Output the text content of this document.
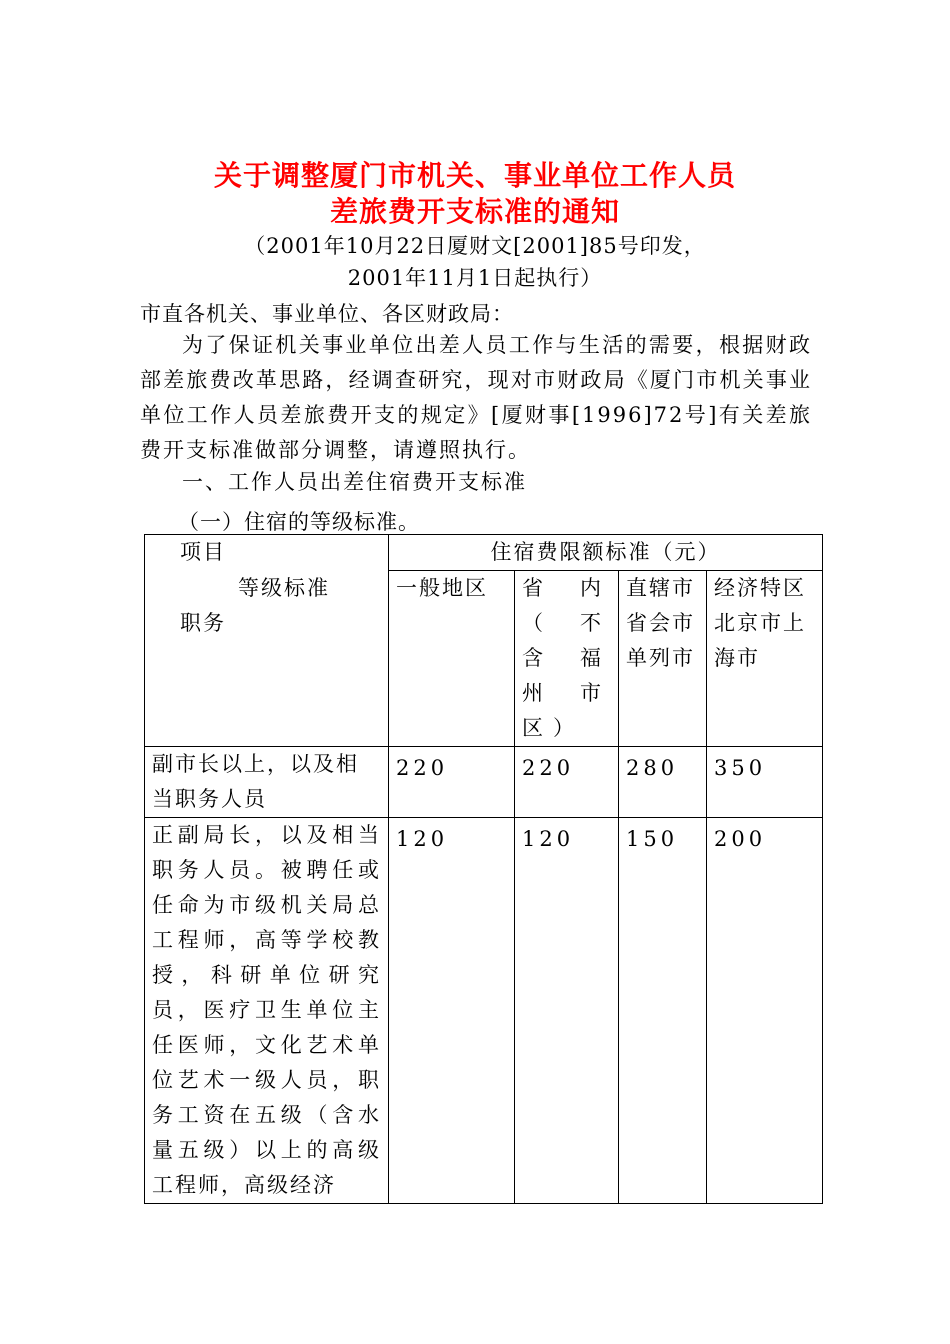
关于调整厦门市机关、事业单位工作人员
差旅费开支标准的通知
（2001年10月22日厦财文[2001]85号印发，
2001年11月1日起执行）
市直各机关、事业单位、各区财政局：

为了保证机关事业单位出差人员工作与生活的需要，根据财政部差旅费改革思路，经调查研究，现对市财政局《厦门市机关事业单位工作人员差旅费开支的规定》[厦财事[1996]72号]有关差旅费开支标准做部分调整，请遵照执行。

一、工作人员出差住宿费开支标准
（一）住宿的等级标准。
项目
等级标准
职务	住宿费限额标准（元）			
	一般地区	省内（不含福州市区）	直辖市省会市单列市	经济特区北京市上海市
副市长以上，以及相当职务人员	220	220	280	350
正副局长，以及相当职务人员。被聘任或任命为市级机关局总工程师，高等学校教授，科研单位研究员，医疗卫生单位主任医师，文化艺术单位艺术一级人员，职务工资在五级（含水量五级）以上的高级工程师，高级经济	120	120	150	200
